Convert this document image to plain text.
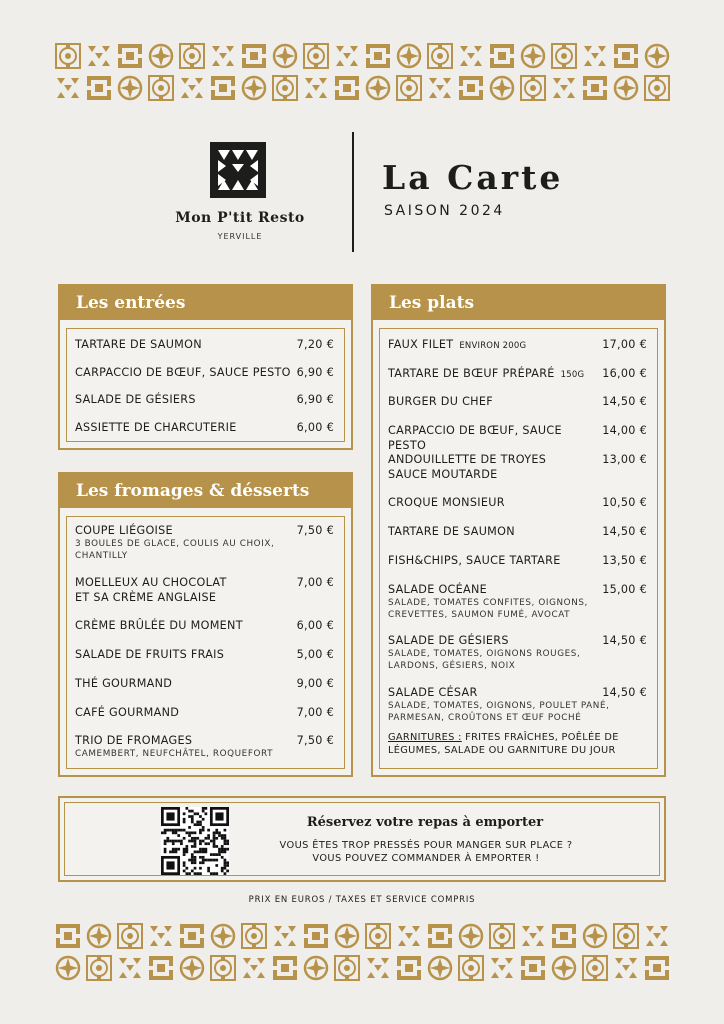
Mon P'tit Resto
YERVILLE
La Carte
SAISON 2024
Les entrées
TARTARE DE SAUMON	7,20 €
CARPACCIO DE BŒUF, SAUCE PESTO 6,90 €
SALADE DE GÉSIERS	6,90 €
ASSIETTE DE CHARCUTERIE	6,00 €
Les fromages & désserts
COUPE LIÉGOISE	7,50 €
3 BOULES DE GLACE, COULIS AU CHOIX,
CHANTILLY
MOELLEUX AU CHOCOLAT
ET SA CRÈME ANGLAISE
7,00 €
CRÈME BRÛLÉE DU MOMENT	6,00 €
SALADE DE FRUITS FRAIS	5,00 €
THÉ GOURMAND	9,00 €
CAFÉ GOURMAND	7,00 €
TRIO DE FROMAGES	7,50 €
CAMEMBERT, NEUFCHÂTEL, ROQUEFORT
Les plats
GARNITURES : FRITES FRAÎCHES, POÊLÉE DE LÉGUMES, SALADE OU GARNITURE DU JOUR
FAUX FILET ENVIRON 200G	17,00 €
TARTARE DE BŒUF PRÉPARÉ 150G 16,00 €
BURGER DU CHEF	14,50 €
CARPACCIO DE BŒUF, SAUCE PESTO
14,00 €
ANDOUILLETTE DE TROYES
SAUCE MOUTARDE
13,00 €
CROQUE MONSIEUR	10,50 €
TARTARE DE SAUMON	14,50 €
FISH&CHIPS, SAUCE TARTARE	13,50 €
SALADE OCÉANE	15,00 €
SALADE, TOMATES CONFITES, OIGNONS,
CREVETTES, SAUMON FUMÉ, AVOCAT
SALADE DE GÉSIERS	14,50 €
SALADE, TOMATES, OIGNONS ROUGES,
LARDONS, GÉSIERS, NOIX
SALADE CÉSAR	14,50 €
SALADE, TOMATES, OIGNONS, POULET PANÉ,
PARMESAN, CROÛTONS ET ŒUF POCHÉ
Réservez votre repas à emporter
VOUS ÊTES TROP PRESSÉS POUR MANGER SUR PLACE ?
VOUS POUVEZ COMMANDER À EMPORTER !
PRIX EN EUROS / TAXES ET SERVICE COMPRIS
